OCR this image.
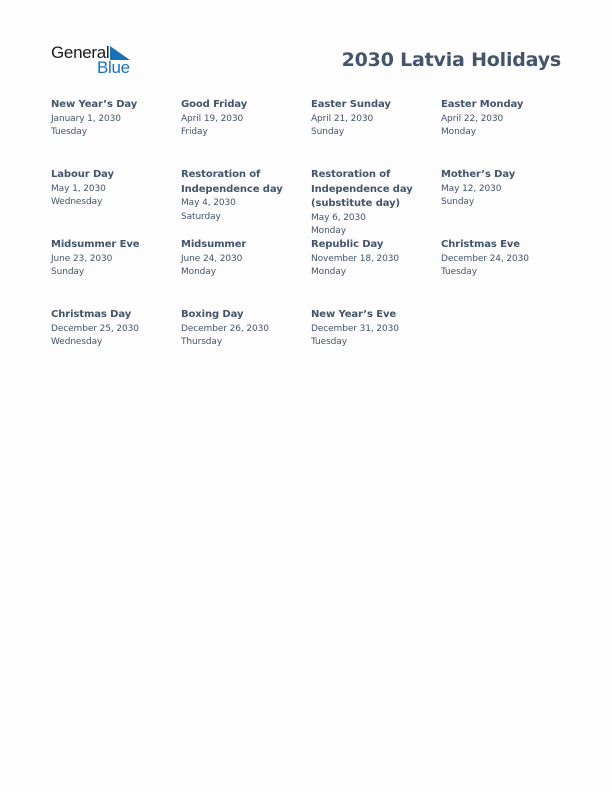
General
Blue	2030 Latvia Holidays
New Year’s Day
January 1, 2030
Tuesday
Good Friday
April 19, 2030
Friday
Easter Sunday
April 21, 2030
Sunday
Easter Monday
April 22, 2030
Monday
Labour Day
May 1, 2030
Wednesday
Restoration of Independence day
May 4, 2030
Saturday
Restoration of Independence day (substitute day)
May 6, 2030
Monday
Mother’s Day
May 12, 2030
Sunday
Midsummer Eve
June 23, 2030
Sunday
Midsummer
June 24, 2030
Monday
Republic Day
November 18, 2030
Monday
Christmas Eve
December 24, 2030
Tuesday
Christmas Day
December 25, 2030
Wednesday
Boxing Day
December 26, 2030
Thursday
New Year’s Eve
December 31, 2030
Tuesday
